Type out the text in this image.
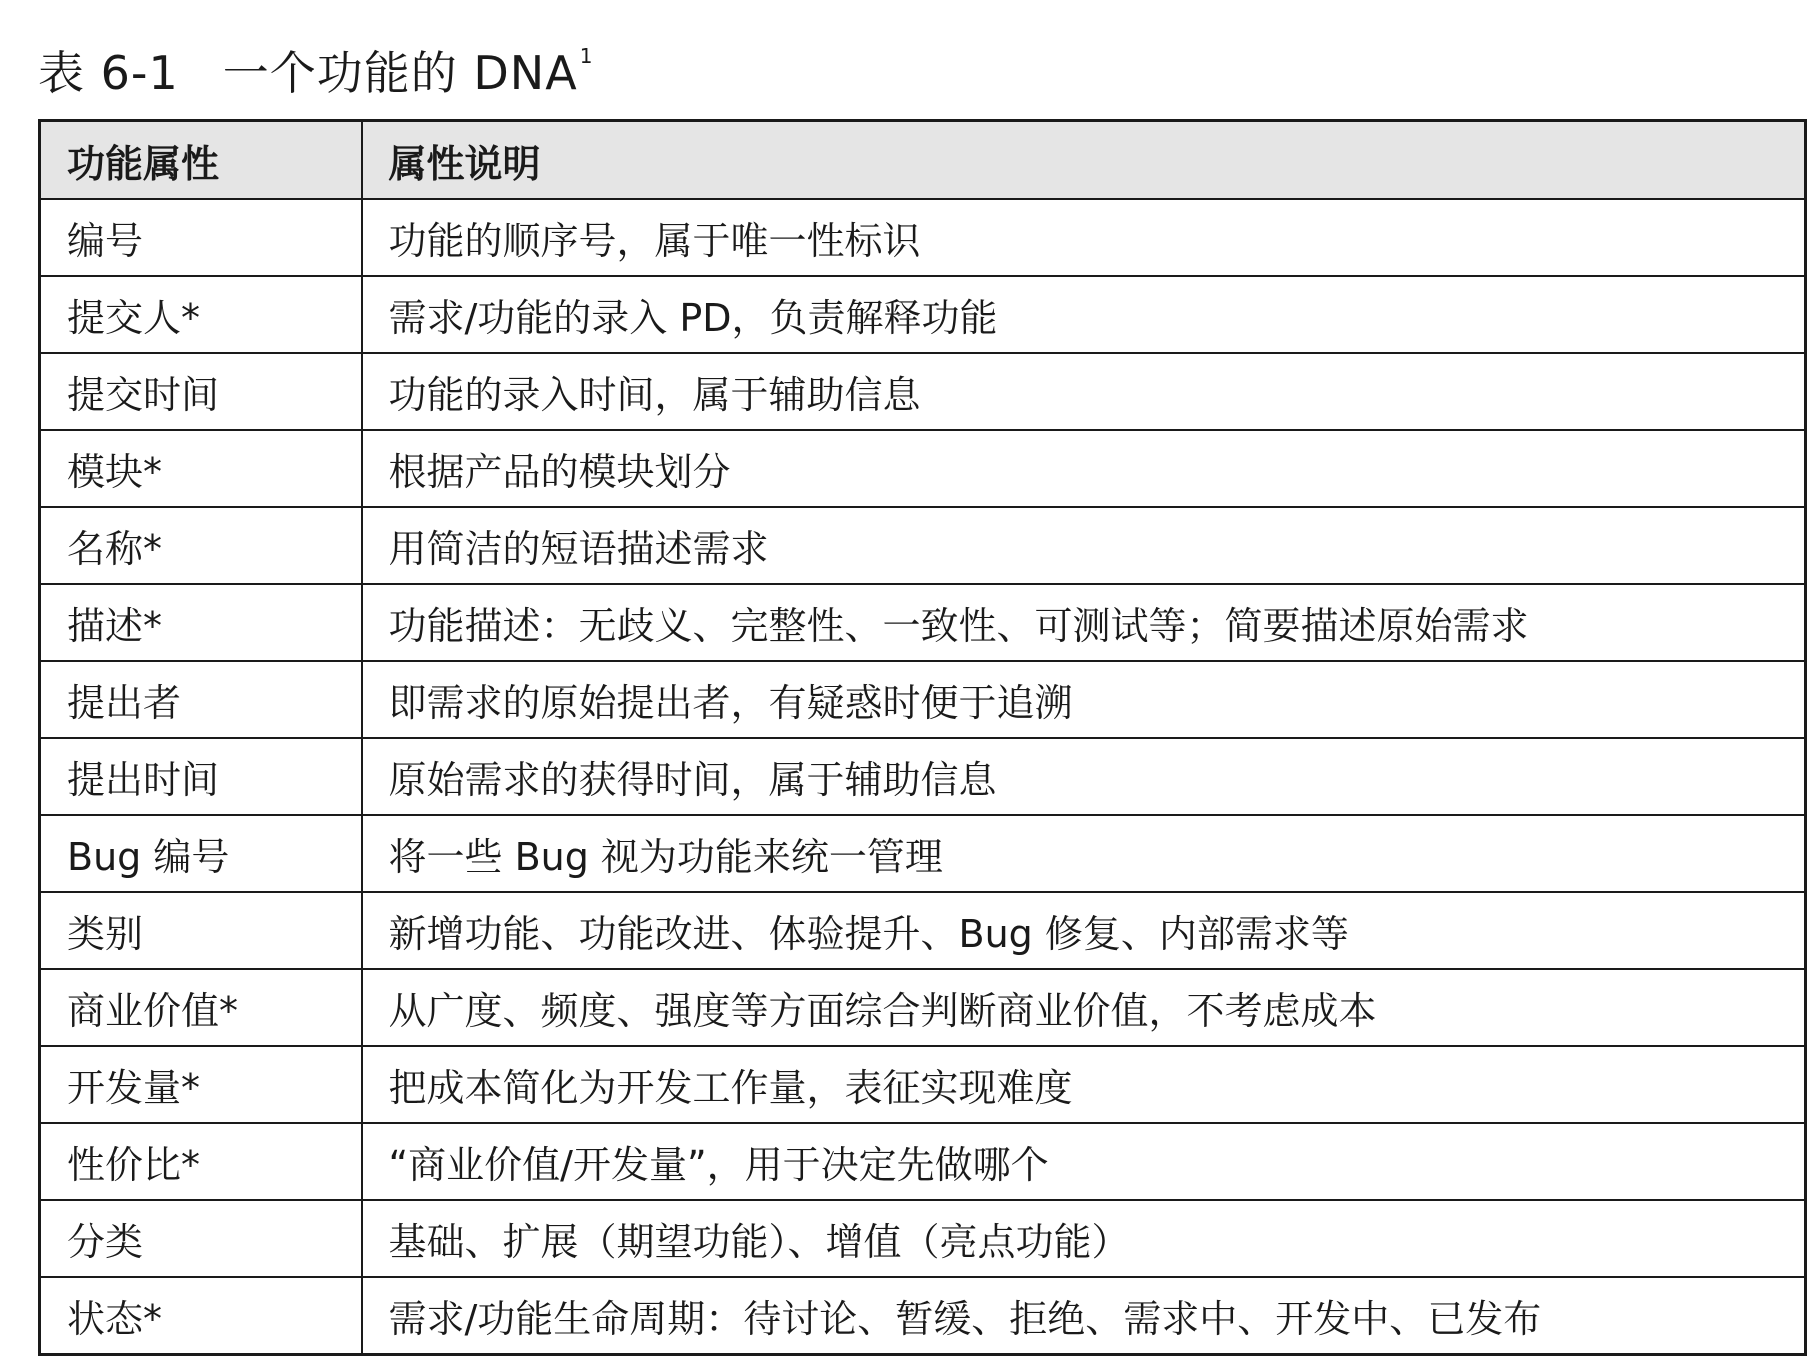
表 6-1 一个功能的 DNA $^1$
功能属性	属性说明
编号	功能的顺序号，属于唯一性标识
提交人*	需求/功能的录入 PD，负责解释功能
提交时间	功能的录入时间，属于辅助信息
模块*	根据产品的模块划分
名称*	用简洁的短语描述需求
描述*	功能描述：无歧义、完整性、一致性、可测试等；简要描述原始需求
提出者	即需求的原始提出者，有疑惑时便于追溯
提出时间	原始需求的获得时间，属于辅助信息
Bug 编号	将一些 Bug 视为功能来统一管理
类别	新增功能、功能改进、体验提升、Bug 修复、内部需求等
商业价值*	从广度、频度、强度等方面综合判断商业价值，不考虑成本
开发量*	把成本简化为开发工作量，表征实现难度
性价比*	“商业价值/开发量”，用于决定先做哪个
分类	基础、扩展（期望功能）、增值（亮点功能）
状态*	需求/功能生命周期：待讨论、暂缓、拒绝、需求中、开发中、已发布
